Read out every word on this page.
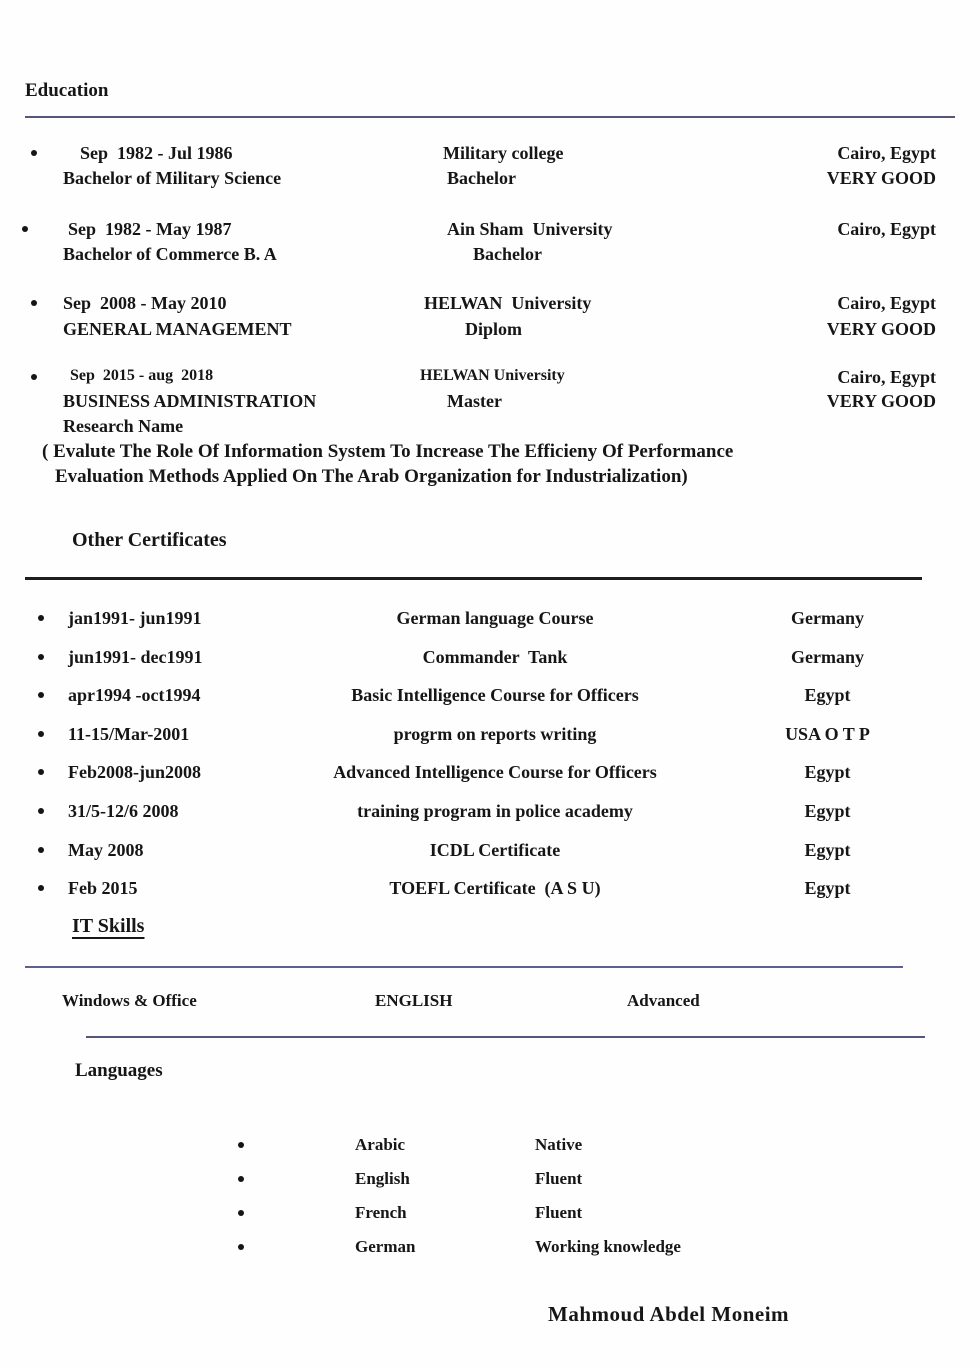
Education
Sep  1982 - Jul 1986	Military college	Cairo, Egypt
Bachelor of Military Science	Bachelor	VERY GOOD
Sep  1982 - May 1987	Ain Sham  University	Cairo, Egypt
Bachelor of Commerce B. A	Bachelor
Sep  2008 - May 2010	HELWAN  University	Cairo, Egypt
GENERAL MANAGEMENT	Diplom	VERY GOOD
Sep  2015 - aug  2018	HELWAN University	Cairo, Egypt
BUSINESS ADMINISTRATION	Master	VERY GOOD
Research Name
( Evalute The Role Of Information System To Increase The Efficieny Of Performance
Evaluation Methods Applied On The Arab Organization for Industrialization)
Other Certificates
jan1991- jun1991	German language Course	Germany
jun1991- dec1991	Commander  Tank	Germany
apr1994 -oct1994	Basic Intelligence Course for Officers	Egypt
11-15/Mar-2001	progrm on reports writing	USA O T P
Feb2008-jun2008	Advanced Intelligence Course for Officers	Egypt
31/5-12/6 2008	training program in police academy	Egypt
May 2008	ICDL Certificate	Egypt
Feb 2015	TOEFL Certificate  (A S U)	Egypt
IT Skills
Windows & Office	ENGLISH	Advanced
Languages
Arabic	Native
English	Fluent
French	Fluent
German	Working knowledge
Mahmoud Abdel Moneim
